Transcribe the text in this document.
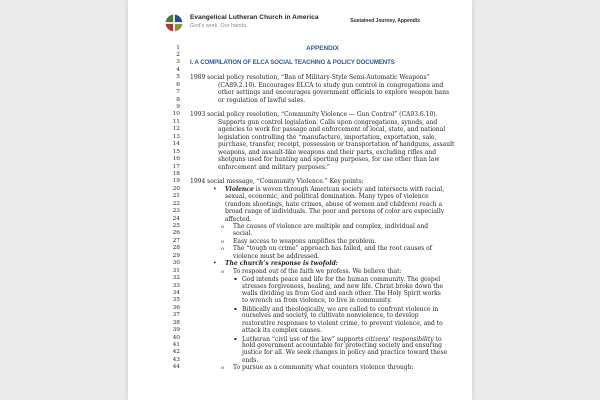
Evangelical Lutheran Church in America
God's work. Our hands.
Sustained Journey, Appendix
1	APPENDIX
2
3	I. A COMPILATION OF ELCA SOCIAL TEACHING & POLICY DOCUMENTS
4
5	1989 social policy resolution, “Ban of Military-Style Semi-Automatic Weapons”
6	(CA89.2.10). Encourages ELCA to study gun control in congregations and
7	other settings and encourages government officials to explore weapon bans
8	or regulation of lawful sales.
9
10	1993 social policy resolution, “Community Violence — Gun Control” (CA93.6.10).
11	Supports gun control legislation. Calls upon congregations, synods, and
12	agencies to work for passage and enforcement of local, state, and national
13	legislation controlling the “manufacture, importation, exportation, sale,
14	purchase, transfer, receipt, possession or transportation of handguns, assault
15	weapons, and assault-like weapons and their parts, excluding rifles and
16	shotguns used for hunting and sporting purposes, for use other than law
17	enforcement and military purposes.”
18
19	1994 social message, “Community Violence.” Key points:
20	• Violence is woven through American society and intersects with racial,
21	sexual, economic, and political domination. Many types of violence
22	(random shootings, hate crimes, abuse of women and children) reach a
23	broad range of individuals. The poor and persons of color are especially
24	affected.
25	o The causes of violence are multiple and complex, individual and
26	social.
27	o Easy access to weapons amplifies the problem.
28	o The “tough on crime” approach has failed, and the root causes of
29	violence must be addressed.
30	• The church’s response is twofold:
31	o To respond out of the faith we profess. We believe that:
32	▪ God intends peace and life for the human community. The gospel
33	stresses forgiveness, healing, and new life. Christ broke down the
34	walls dividing us from God and each other. The Holy Spirit works
35	to wrench us from violence, to live in community.
36	▪ Biblically and theologically, we are called to confront violence in
37	ourselves and society, to cultivate nonviolence, to develop
38	restorative responses to violent crime, to prevent violence, and to
39	attack its complex causes.
40	▪ Lutheran “civil use of the law” supports citizens’ responsibility to
41	hold government accountable for protecting society and ensuring
42	justice for all. We seek changes in policy and practice toward these
43	ends.
44	o To pursue as a community what counters violence through:
